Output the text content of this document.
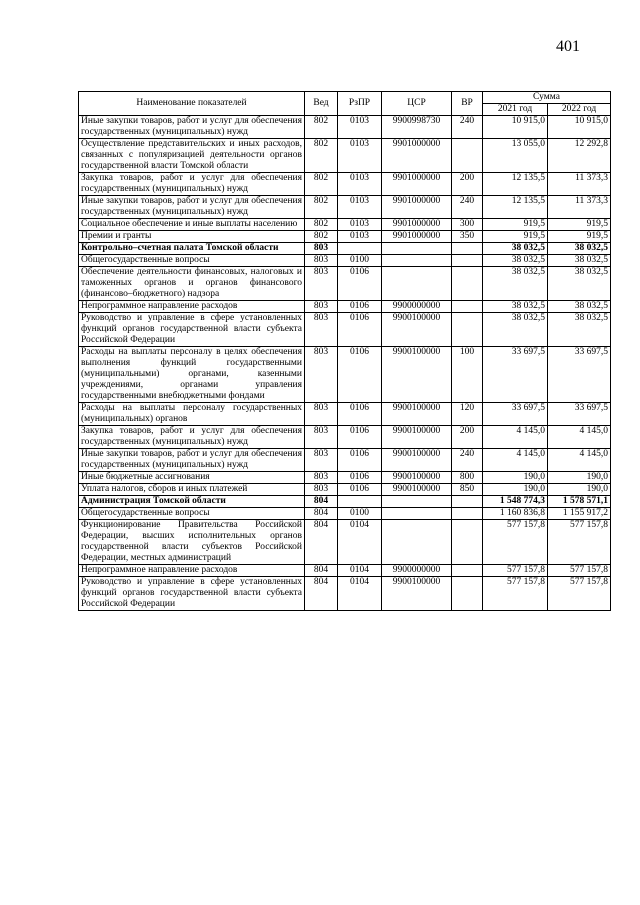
401
Наименование показателей	Вед	РзПР	ЦСР	ВР	Сумма	
					2021 год	2022 год
Иные закупки товаров, работ и услуг для обеспечения государственных (муниципальных) нужд	802	0103	9900998730	240	10 915,0	10 915,0
Осуществление представительских и иных расходов, связанных с популяризацией деятельности органов государственной власти Томской области	802	0103	9901000000		13 055,0	12 292,8
Закупка товаров, работ и услуг для обеспечения государственных (муниципальных) нужд	802	0103	9901000000	200	12 135,5	11 373,3
Иные закупки товаров, работ и услуг для обеспечения государственных (муниципальных) нужд	802	0103	9901000000	240	12 135,5	11 373,3
Социальное обеспечение и иные выплаты населению	802	0103	9901000000	300	919,5	919,5
Премии и гранты	802	0103	9901000000	350	919,5	919,5
Контрольно–счетная палата Томской области	803				38 032,5	38 032,5
Общегосударственные вопросы	803	0100			38 032,5	38 032,5
Обеспечение деятельности финансовых, налоговых и таможенных органов и органов финансового (финансово–бюджетного) надзора	803	0106			38 032,5	38 032,5
Непрограммное направление расходов	803	0106	9900000000		38 032,5	38 032,5
Руководство и управление в сфере установленных функций органов государственной власти субъекта Российской Федерации	803	0106	9900100000		38 032,5	38 032,5
Расходы на выплаты персоналу в целях обеспечения выполнения функций государственными (муниципальными) органами, казенными учреждениями, органами управления государственными внебюджетными фондами	803	0106	9900100000	100	33 697,5	33 697,5
Расходы на выплаты персоналу государственных (муниципальных) органов	803	0106	9900100000	120	33 697,5	33 697,5
Закупка товаров, работ и услуг для обеспечения государственных (муниципальных) нужд	803	0106	9900100000	200	4 145,0	4 145,0
Иные закупки товаров, работ и услуг для обеспечения государственных (муниципальных) нужд	803	0106	9900100000	240	4 145,0	4 145,0
Иные бюджетные ассигнования	803	0106	9900100000	800	190,0	190,0
Уплата налогов, сборов и иных платежей	803	0106	9900100000	850	190,0	190,0
Администрация Томской области	804				1 548 774,3	1 578 571,1
Общегосударственные вопросы	804	0100			1 160 836,8	1 155 917,2
Функционирование Правительства Российской Федерации, высших исполнительных органов государственной власти субъектов Российской Федерации, местных администраций	804	0104			577 157,8	577 157,8
Непрограммное направление расходов	804	0104	9900000000		577 157,8	577 157,8
Руководство и управление в сфере установленных функций органов государственной власти субъекта Российской Федерации	804	0104	9900100000		577 157,8	577 157,8
